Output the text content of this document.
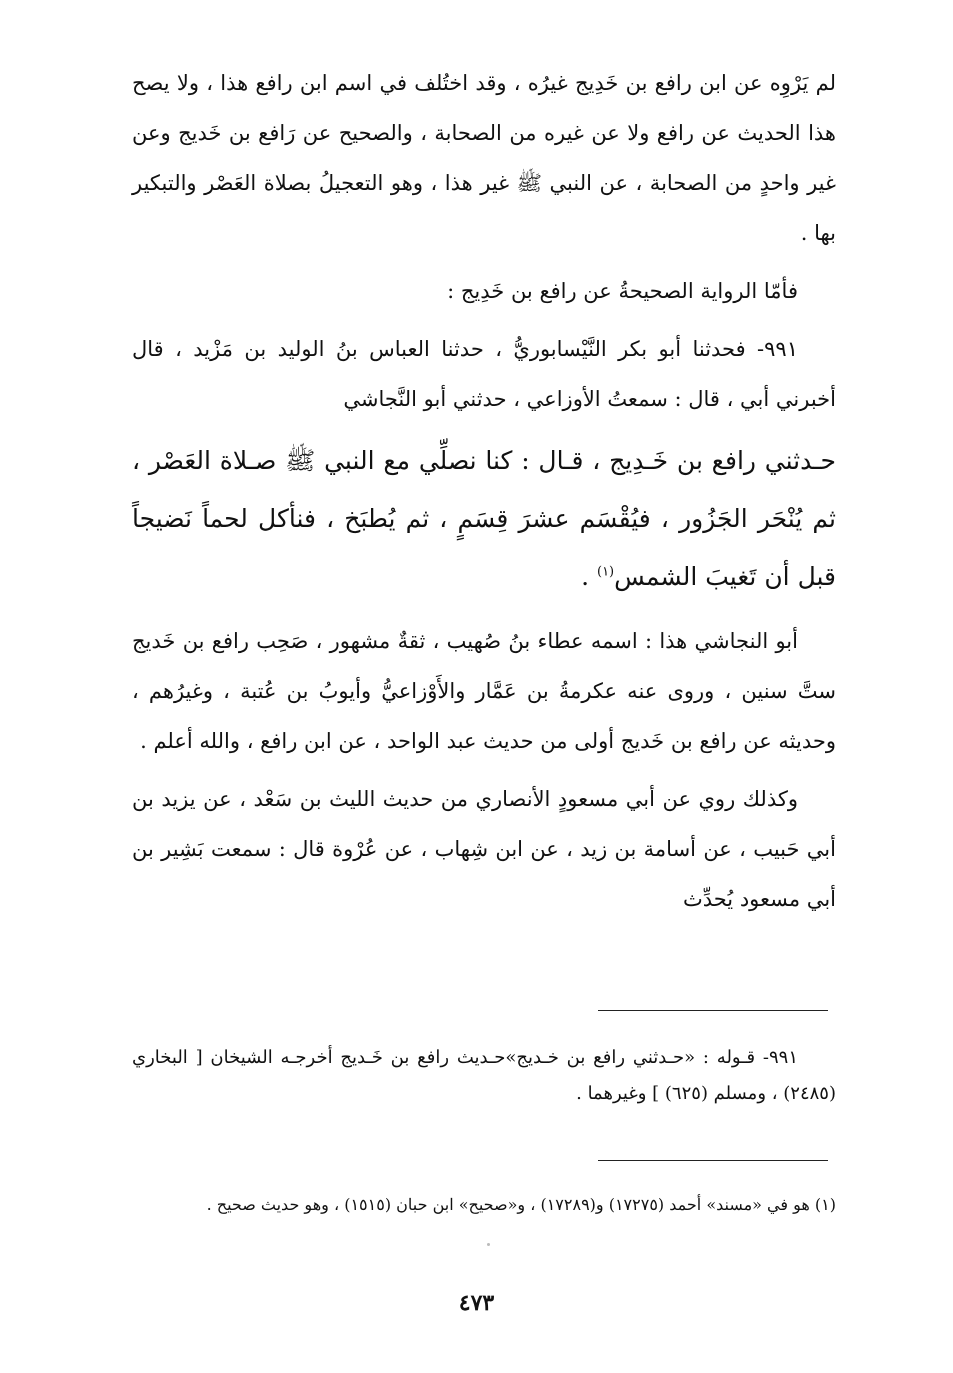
لم يَرْوِه عن ابن رافع بن خَدِيج غيرُه ، وقد اختُلف في اسم ابن رافع هذا ، ولا يصح هذا الحديث عن رافع ولا عن غيره من الصحابة ، والصحيح عن رَافع بن خَديج وعن غير واحدٍ من الصحابة ، عن النبي ﷺ غير هذا ، وهو التعجيلُ بصلاة العَصْر والتبكير بها .

فأمّا الرواية الصحيحةُ عن رافع بن خَدِيج :

٩٩١- فحدثنا أبو بكر النَّيْسابوريُّ ، حدثنا العباس بنُ الوليد بن مَزْيد ، قال أخبرني أبي ، قال : سمعتُ الأوزاعي ، حدثني أبو النَّجاشي

حـدثني رافع بن خَـدِيج ، قـال : كنا نصلِّي مع النبي ﷺ صـلاة العَصْر ، ثم يُنْحَر الجَزُور ، فيُقْسَم عشرَ قِسَمٍ ، ثم يُطبَخ ، فنأكل لحماً نَضيجاً قبل أن تَغيبَ الشمس$^{(١)}$ .

أبو النجاشي هذا : اسمه عطاء بنُ صُهيب ، ثقةٌ مشهور ، صَحِب رافع بن خَديج ستَّ سنين ، وروى عنه عكرمةُ بن عَمَّار والأَوْزاعيُّ وأيوبُ بن عُتبة ، وغيرُهم ، وحديثه عن رافع بن خَديج أولى من حديث عبد الواحد ، عن ابن رافع ، والله أعلم .

وكذلك روي عن أبي مسعودٍ الأنصاري من حديث الليث بن سَعْد ، عن يزيد بن أبي حَبيب ، عن أسامة بن زيد ، عن ابن شِهاب ، عن عُرْوة قال : سمعت بَشِير بن أبي مسعود يُحدِّث

٩٩١- قـوله : «حـدثني رافع بن خـديج»حـديث رافع بن خَـديج أخرجـه الشيخان [ البخاري (٢٤٨٥) ، ومسلم (٦٢٥) ] وغيرهما .

(١) هو في «مسند» أحمد (١٧٢٧٥) و(١٧٢٨٩) ، و«صحيح» ابن حبان (١٥١٥) ، وهو حديث صحيح .

٤٧٣
